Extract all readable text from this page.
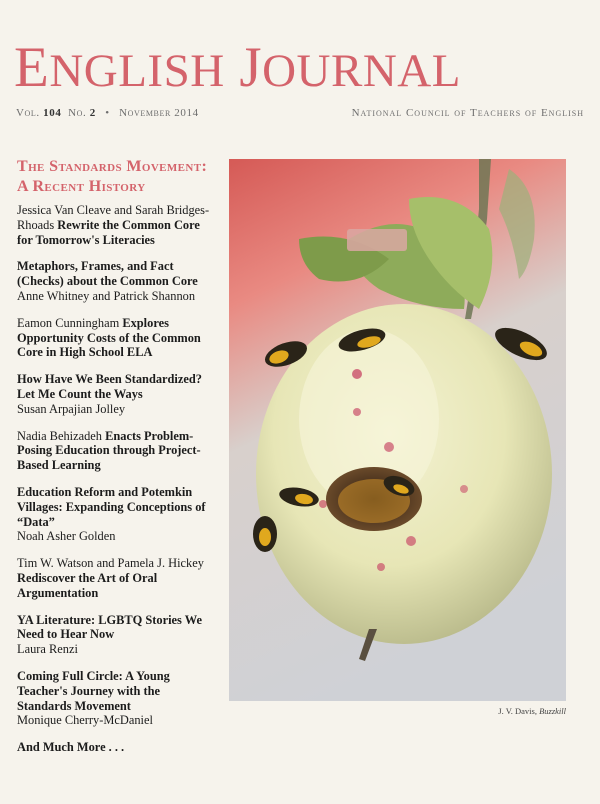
ENGLISH JOURNAL
Vol. 104 No. 2 • November 2014	National Council of Teachers of English
The Standards Movement: A Recent History
Jessica Van Cleave and Sarah Bridges-Rhoads Rewrite the Common Core for Tomorrow's Literacies
Metaphors, Frames, and Fact (Checks) about the Common Core
Anne Whitney and Patrick Shannon
Eamon Cunningham Explores Opportunity Costs of the Common Core in High School ELA
How Have We Been Standardized? Let Me Count the Ways
Susan Arpajian Jolley
Nadia Behizadeh Enacts Problem-Posing Education through Project-Based Learning
Education Reform and Potemkin Villages: Expanding Conceptions of “Data”
Noah Asher Golden
Tim W. Watson and Pamela J. Hickey Rediscover the Art of Oral Argumentation
YA Literature: LGBTQ Stories We Need to Hear Now
Laura Renzi
Coming Full Circle: A Young Teacher's Journey with the Standards Movement
Monique Cherry-McDaniel
And Much More . . .
J. V. Davis, Buzzkill
